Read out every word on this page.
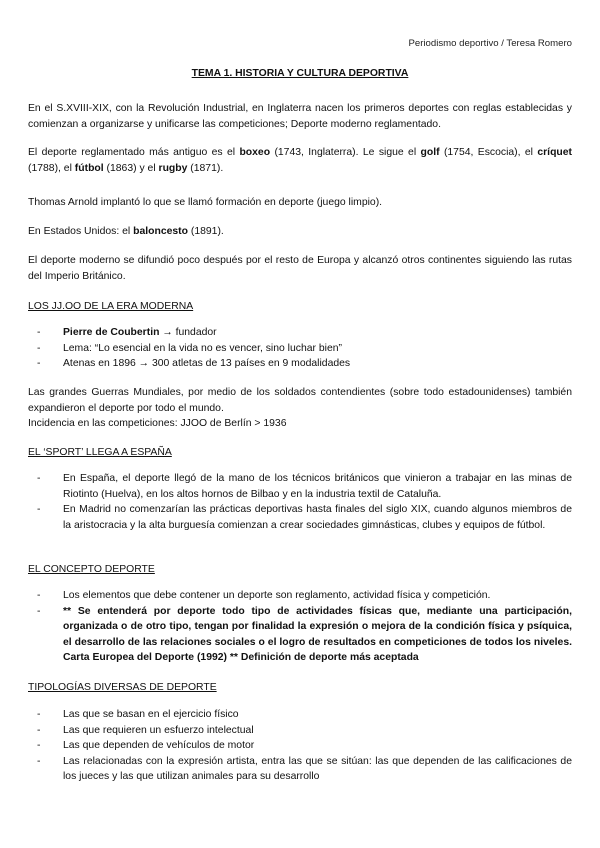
Periodismo deportivo / Teresa Romero
TEMA 1. HISTORIA Y CULTURA DEPORTIVA

En el S.XVIII-XIX, con la Revolución Industrial, en Inglaterra nacen los primeros deportes con reglas establecidas y comienzan a organizarse y unificarse las competiciones; Deporte moderno reglamentado.

El deporte reglamentado más antiguo es el boxeo (1743, Inglaterra). Le sigue el golf (1754, Escocia), el críquet (1788), el fútbol (1863) y el rugby (1871).

Thomas Arnold implantó lo que se llamó formación en deporte (juego limpio).

En Estados Unidos: el baloncesto (1891).

El deporte moderno se difundió poco después por el resto de Europa y alcanzó otros continentes siguiendo las rutas del Imperio Británico.

LOS JJ.OO DE LA ERA MODERNA
- Pierre de Coubertin → fundador
- Lema: “Lo esencial en la vida no es vencer, sino luchar bien”
- Atenas en 1896 → 300 atletas de 13 países en 9 modalidades
Las grandes Guerras Mundiales, por medio de los soldados contendientes (sobre todo estadounidenses) también expandieron el deporte por todo el mundo.
Incidencia en las competiciones: JJOO de Berlín > 1936
EL ‘SPORT’ LLEGA A ESPAÑA
- En España, el deporte llegó de la mano de los técnicos británicos que vinieron a trabajar en las minas de Riotinto (Huelva), en los altos hornos de Bilbao y en la industria textil de Cataluña.
- En Madrid no comenzarían las prácticas deportivas hasta finales del siglo XIX, cuando algunos miembros de la aristocracia y la alta burguesía comienzan a crear sociedades gimnásticas, clubes y equipos de fútbol.
EL CONCEPTO DEPORTE
- Los elementos que debe contener un deporte son reglamento, actividad física y competición.
- ** Se entenderá por deporte todo tipo de actividades físicas que, mediante una participación, organizada o de otro tipo, tengan por finalidad la expresión o mejora de la condición física y psíquica, el desarrollo de las relaciones sociales o el logro de resultados en competiciones de todos los niveles. Carta Europea del Deporte (1992) ** Definición de deporte más aceptada
TIPOLOGÍAS DIVERSAS DE DEPORTE
- Las que se basan en el ejercicio físico
- Las que requieren un esfuerzo intelectual
- Las que dependen de vehículos de motor
- Las relacionadas con la expresión artista, entra las que se sitúan: las que dependen de las calificaciones de los jueces y las que utilizan animales para su desarrollo
